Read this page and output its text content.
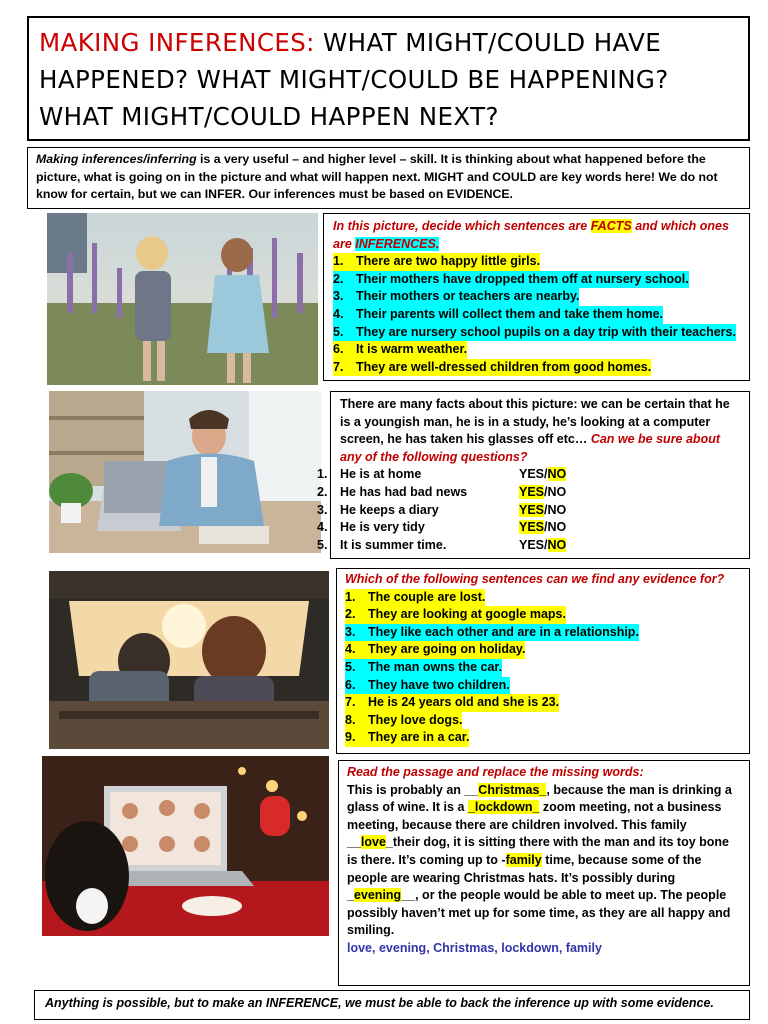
MAKING INFERENCES: WHAT MIGHT/COULD HAVE HAPPENED? WHAT MIGHT/COULD BE HAPPENING? WHAT MIGHT/COULD HAPPEN NEXT?
Making inferences/inferring is a very useful – and higher level – skill. It is thinking about what happened before the picture, what is going on in the picture and what will happen next. MIGHT and COULD are key words here! We do not know for certain, but we can INFER. Our inferences must be based on EVIDENCE.
In this picture, decide which sentences are FACTS and which ones are INFERENCES.
1.	There are two happy little girls.
2.	Their mothers have dropped them off at nursery school.
3.	Their mothers or teachers are nearby.
4.	Their parents will collect them and take them home.
5.	They are nursery school pupils on a day trip with their teachers.
6.	It is warm weather.
7.	They are well-dressed children from good homes.
There are many facts about this picture: we can be certain that he is a youngish man, he is in a study, he’s looking at a computer screen, he has taken his glasses off etc… Can we be sure about any of the following questions?
1. He is at home	YES/NO
2. He has had bad news	YES/NO
3. He keeps a diary	YES/NO
4. He is very tidy	YES/NO
5. It is summer time.	YES/NO
Which of the following sentences can we find any evidence for?
1.	The couple are lost.
2.	They are looking at google maps.
3.	They like each other and are in a relationship.
4.	They are going on holiday.
5.	The man owns the car.
6.	They have two children.
7.	He is 24 years old and she is 23.
8.	They love dogs.
9.	They are in a car.
Read the passage and replace the missing words:
This is probably an __Christmas_, because the man is drinking a glass of wine. It is a _lockdown_ zoom meeting, not a business meeting, because there are children involved. This family __love_their dog, it is sitting there with the man and its toy bone is there. It’s coming up to -family time, because some of the people are wearing Christmas hats. It’s possibly during _evening__, or the people would be able to meet up. The people possibly haven’t met up for some time, as they are all happy and smiling.
love, evening, Christmas, lockdown, family
Anything is possible, but to make an INFERENCE, we must be able to back the inference up with some evidence.
